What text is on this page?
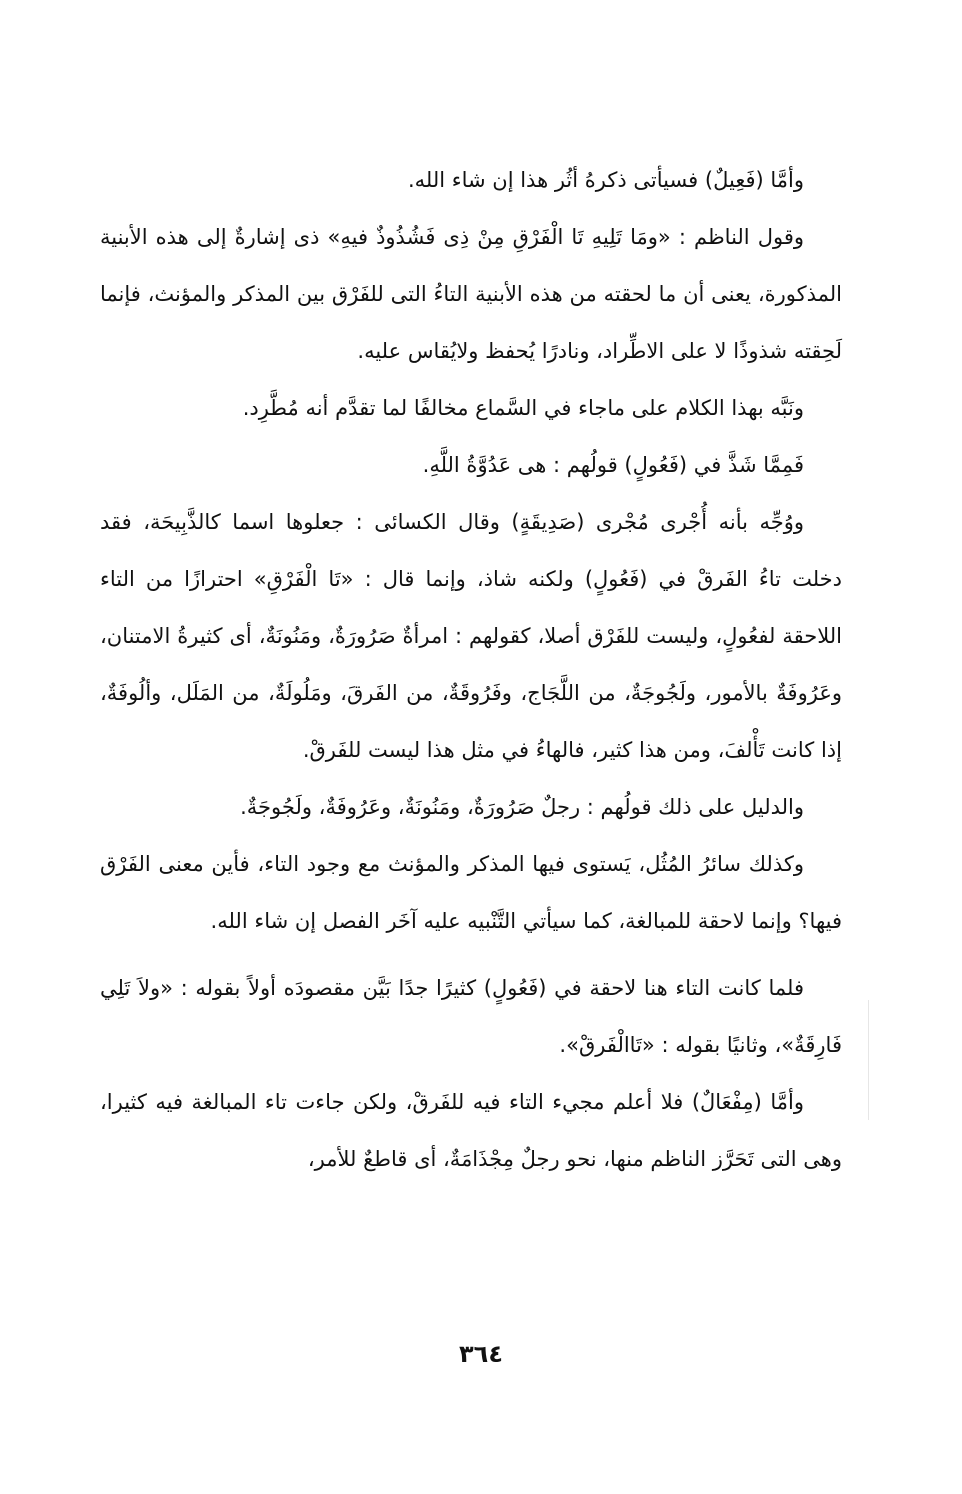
وأمَّا (فَعِيلٌ) فسيأتى ذكرهُ أثُر هذا إن شاء الله.

وقول الناظم : «ومَا تَلِيهِ تَا الْفَرْقِ مِنْ ذِى فَشُذُوذٌ فيهِ» ذى إشارةٌ إلى هذه الأبنية المذكورة، يعنى أن ما لحقته من هذه الأبنية التاءُ التى للفَرْق بين المذكر والمؤنث، فإنما لَحِقته شذوذًا لا على الاطِّراد، ونادرًا يُحفظ ولايُقاس عليه.

ونَبَّه بهذا الكلام على ماجاء في السَّماع مخالفًا لما تقدَّم أنه مُطَّرِد.

فَمِمَّا شَذَّ في (فَعُولٍ) قولُهم : هى عَدُوَّةُ اللَّهِ.

ووُجِّه بأنه أُجْرى مُجْرى (صَدِيقَةٍ) وقال الكسائى : جعلوها اسما كالذَّبِيحَة، فقد دخلت تاءُ الفَرقْ في (فَعُولٍ) ولكنه شاذ، وإنما قال : «تَا الْفَرْقِ» احترازًا من التاء اللاحقة لفعُولٍ، وليست للفَرْق أصلا، كقولهم : امرأةٌ صَرُورَةٌ، ومَنُونَةٌ، أى كثيرةُ الامتنان، وعَرُوفَةٌ بالأمور، ولَجُوجَةٌ، من اللَّجَاج، وفَرُوقَةٌ، من الفَرقَ، ومَلُولَةٌ، من المَلَل، وألُوفَةٌ، إذا كانت تَأْلفَ، ومن هذا كثير، فالهاءُ في مثل هذا ليست للفَرقْ.

والدليل على ذلك قولُهم : رجلٌ صَرُورَةٌ، ومَنُونَةٌ، وعَرُوفَةٌ، ولَجُوجَةٌ.

وكذلك سائرُ المُثُل، يَستوى فيها المذكر والمؤنث مع وجود التاء، فأين معنى الفَرْق فيها؟ وإنما لاحقة للمبالغة، كما سيأتي التَّنْبيه عليه آخَر الفصل إن شاء الله.

فلما كانت التاء هنا لاحقة في (فَعُولٍ) كثيرًا جدًا بَيَّن مقصودَه أولاً بقوله : «ولاَ تَلِي فَارِقَةٌ»، وثانيًا بقوله : «تَاالْفَرقْ».

وأمَّا (مِفْعَالٌ) فلا أعلم مجيء التاء فيه للفَرقْ، ولكن جاءت تاء المبالغة فيه كثيرا، وهى التى تَحَرَّز الناظم منها، نحو رجلٌ مِجْذَامَةٌ، أى قاطعٌ للأمر،

٣٦٤
